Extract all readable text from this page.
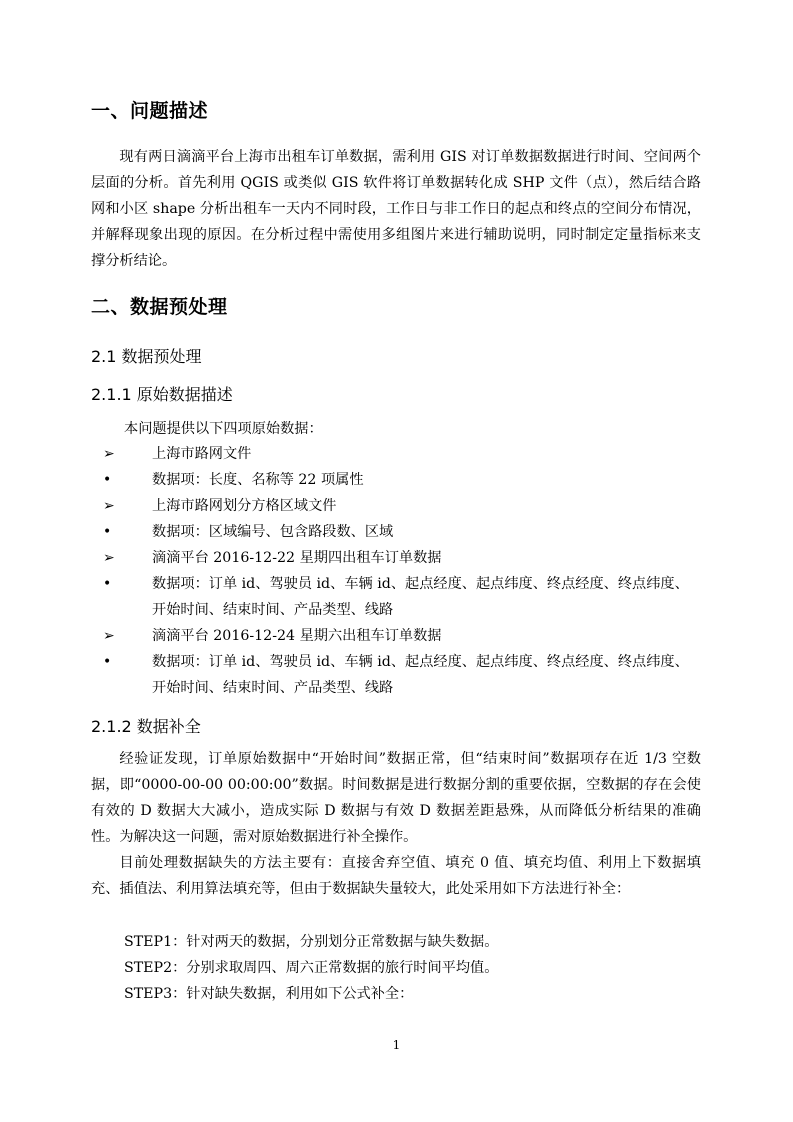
一、问题描述
现有两日滴滴平台上海市出租车订单数据，需利用 GIS 对订单数据数据进行时间、空间两个层面的分析。首先利用 QGIS 或类似 GIS 软件将订单数据转化成 SHP 文件（点），然后结合路网和小区 shape 分析出租车一天内不同时段，工作日与非工作日的起点和终点的空间分布情况，并解释现象出现的原因。在分析过程中需使用多组图片来进行辅助说明，同时制定定量指标来支撑分析结论。
二、数据预处理
2.1 数据预处理
2.1.1 原始数据描述
本问题提供以下四项原始数据：
➢	上海市路网文件
•	数据项：长度、名称等 22 项属性
➢	上海市路网划分方格区域文件
•	数据项：区域编号、包含路段数、区域
➢	滴滴平台 2016-12-22 星期四出租车订单数据
•	数据项：订单 id、驾驶员 id、车辆 id、起点经度、起点纬度、终点经度、终点纬度、开始时间、结束时间、产品类型、线路
➢	滴滴平台 2016-12-24 星期六出租车订单数据
•	数据项：订单 id、驾驶员 id、车辆 id、起点经度、起点纬度、终点经度、终点纬度、开始时间、结束时间、产品类型、线路
2.1.2 数据补全
经验证发现，订单原始数据中“开始时间”数据正常，但“结束时间”数据项存在近 1/3 空数据，即“0000-00-00 00:00:00”数据。时间数据是进行数据分割的重要依据，空数据的存在会使有效的 D 数据大大减小，造成实际 D 数据与有效 D 数据差距悬殊，从而降低分析结果的准确性。为解决这一问题，需对原始数据进行补全操作。
目前处理数据缺失的方法主要有：直接舍弃空值、填充 0 值、填充均值、利用上下数据填充、插值法、利用算法填充等，但由于数据缺失量较大，此处采用如下方法进行补全：
STEP1：针对两天的数据，分别划分正常数据与缺失数据。
STEP2：分别求取周四、周六正常数据的旅行时间平均值。
STEP3：针对缺失数据，利用如下公式补全：
1
